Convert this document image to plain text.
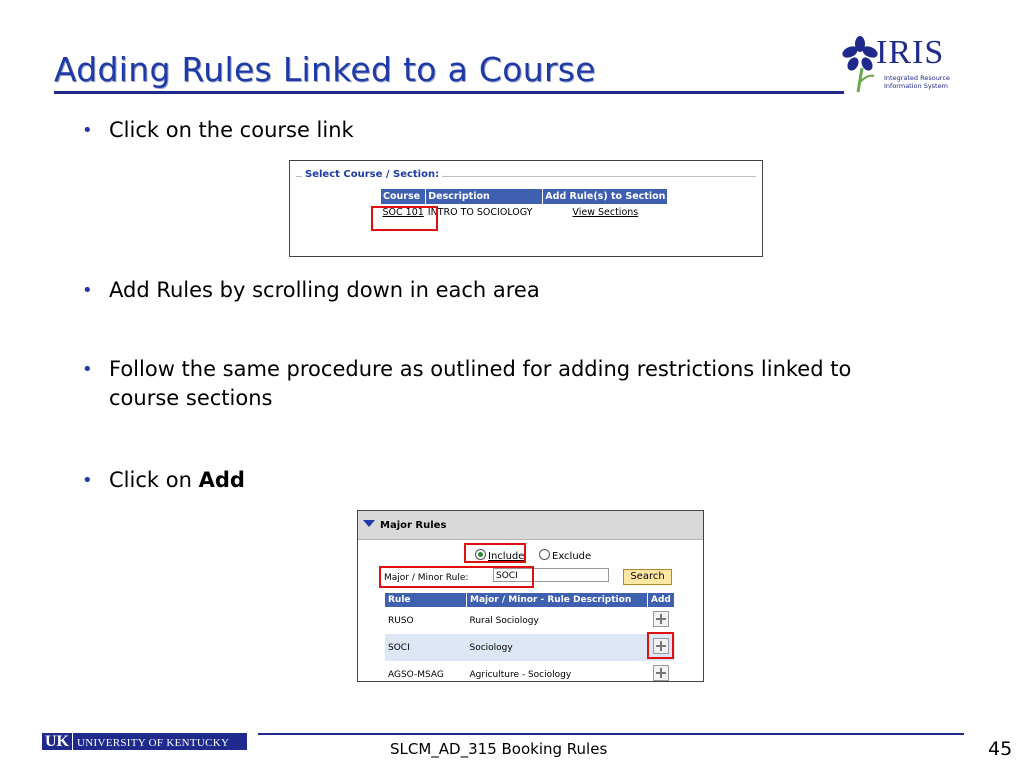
Adding Rules Linked to a Course	IRIS
Integrated Resource
Information System
• Click on the course link
Select Course / Section:
Course	Description	Add Rule(s) to Section
SOC 101	INTRO TO SOCIOLOGY	View Sections
• Add Rules by scrolling down in each area
• Follow the same procedure as outlined for adding restrictions linked to course sections
• Click on Add
Major Rules
Include	Exclude
Major / Minor Rule:	SOCI	Search
Rule	Major / Minor - Rule Description	Add
RUSO	Rural Sociology	
SOCI	Sociology	
AGSO-MSAG	Agriculture - Sociology	
UK UNIVERSITY OF KENTUCKY	SLCM_AD_315 Booking Rules	45
